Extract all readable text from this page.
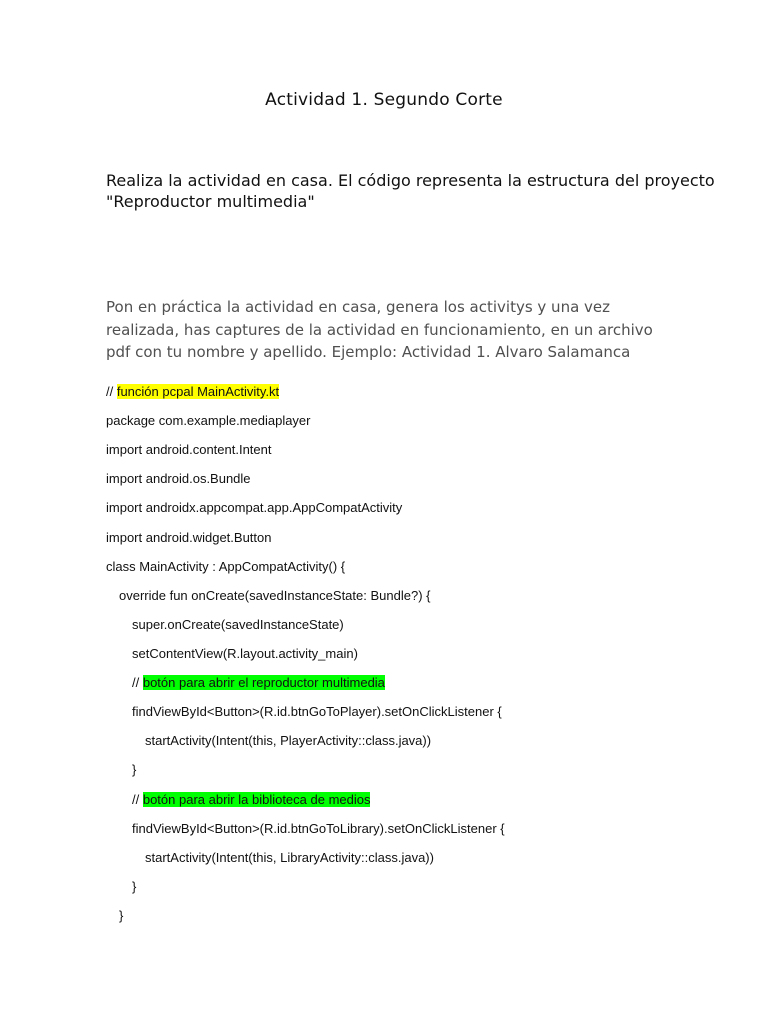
Actividad 1. Segundo Corte
Realiza la actividad en casa. El código representa la estructura del proyecto
"Reproductor multimedia"
Pon en práctica la actividad en casa, genera los activitys y una vez
realizada, has captures de la actividad en funcionamiento, en un archivo
pdf con tu nombre y apellido. Ejemplo: Actividad 1. Alvaro Salamanca
// función pcpal MainActivity.kt
package com.example.mediaplayer
import android.content.Intent
import android.os.Bundle
import androidx.appcompat.app.AppCompatActivity
import android.widget.Button
class MainActivity : AppCompatActivity() {
override fun onCreate(savedInstanceState: Bundle?) {
super.onCreate(savedInstanceState)
setContentView(R.layout.activity_main)
// botón para abrir el reproductor multimedia
findViewById<Button>(R.id.btnGoToPlayer).setOnClickListener {
startActivity(Intent(this, PlayerActivity::class.java))
}
// botón para abrir la biblioteca de medios
findViewById<Button>(R.id.btnGoToLibrary).setOnClickListener {
startActivity(Intent(this, LibraryActivity::class.java))
}
}
